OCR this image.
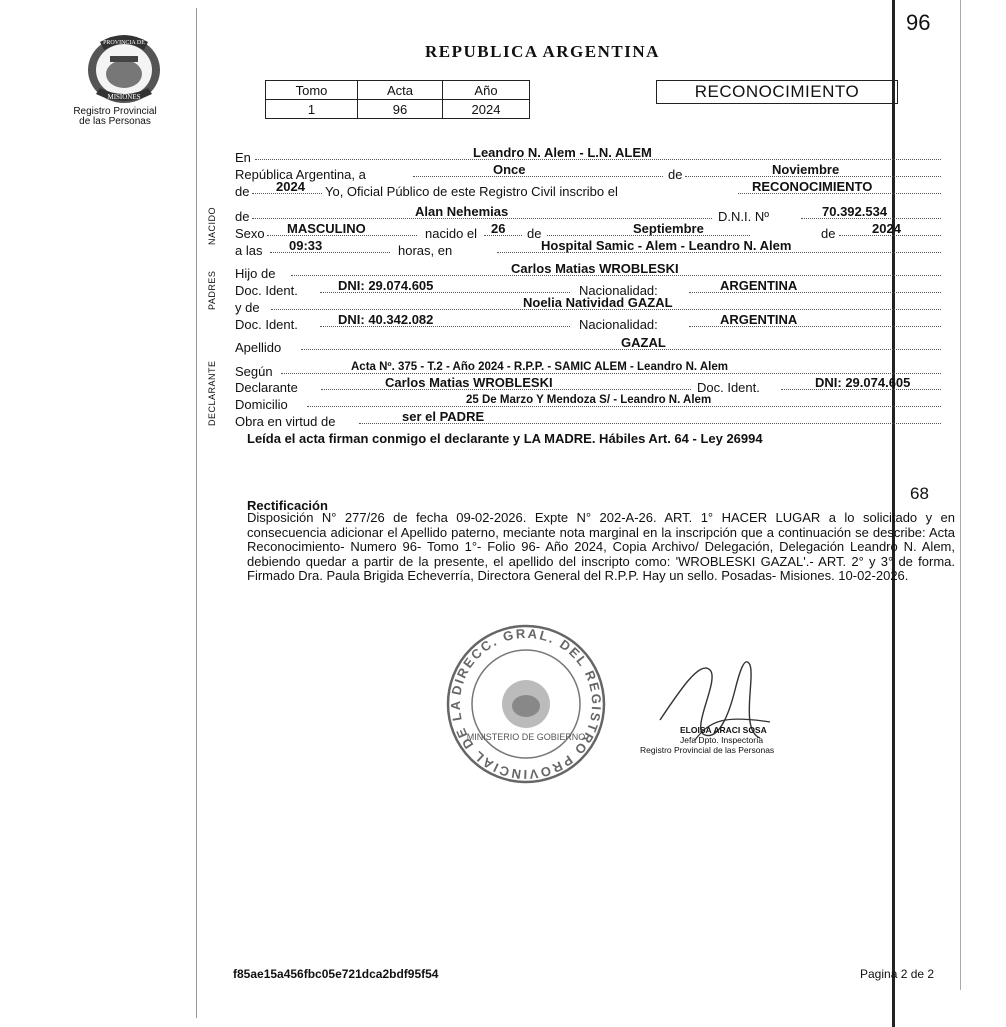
PROVINCIA DE
MISIONES
Registro Provincial
de las Personas
96
REPUBLICA ARGENTINA
Tomo	Acta	Año
1	96	2024
RECONOCIMIENTO
NACIDO
PADRES
DECLARANTE
En	Leandro N. Alem - L.N. ALEM
República Argentina, a	Once	de	Noviembre
de 2024 Yo, Oficial Público de este Registro Civil inscribo el	RECONOCIMIENTO
de	Alan Nehemias	D.N.I. Nº	70.392.534
Sexo MASCULINO	nacido el 26 de	Septiembre	de	2024
a las 09:33	horas, en	Hospital Samic - Alem - Leandro N. Alem
Hijo de	Carlos Matias WROBLESKI
Doc. Ident.	DNI: 29.074.605	Nacionalidad:	ARGENTINA
y de	Noelia Natividad GAZAL
Doc. Ident.	DNI: 40.342.082	Nacionalidad:	ARGENTINA
Apellido	GAZAL
Según	Acta Nº. 375 - T.2 - Año 2024 - R.P.P. - SAMIC ALEM - Leandro N. Alem
Declarante	Carlos Matias WROBLESKI	Doc. Ident.	DNI: 29.074.605
Domicilio	25 De Marzo Y Mendoza S/ - Leandro N. Alem
Obra en virtud de	ser el PADRE
Leída el acta firman conmigo el declarante y LA MADRE. Hábiles Art. 64 - Ley 26994
68
Rectificación
Disposición N° 277/26 de fecha 09-02-2026. Expte N° 202-A-26. ART. 1° HACER LUGAR a lo solicitado y en consecuencia adicionar el Apellido paterno, meciante nota marginal en la inscripción que a continuación se describe: Acta Reconocimiento- Numero 96- Tomo 1°- Folio 96- Año 2024, Copia Archivo/ Delegación, Delegación Leandro N. Alem, debiendo quedar a partir de la presente, el apellido del inscripto como: 'WROBLESKI GAZAL'.- ART. 2° y 3° de forma. Firmado Dra. Paula Brigida Echeverría, Directora General del R.P.P. Hay un sello. Posadas- Misiones. 10-02-2026.
DIRECC. GRAL. DEL REGISTRO PROVINCIAL DE LA
MINISTERIO DE GOBIERNO
ELOISA ARACI SOSA
Jefa Dpto. Inspectoría
Registro Provincial de las Personas
f85ae15a456fbc05e721dca2bdf95f54	Pagina 2 de 2
